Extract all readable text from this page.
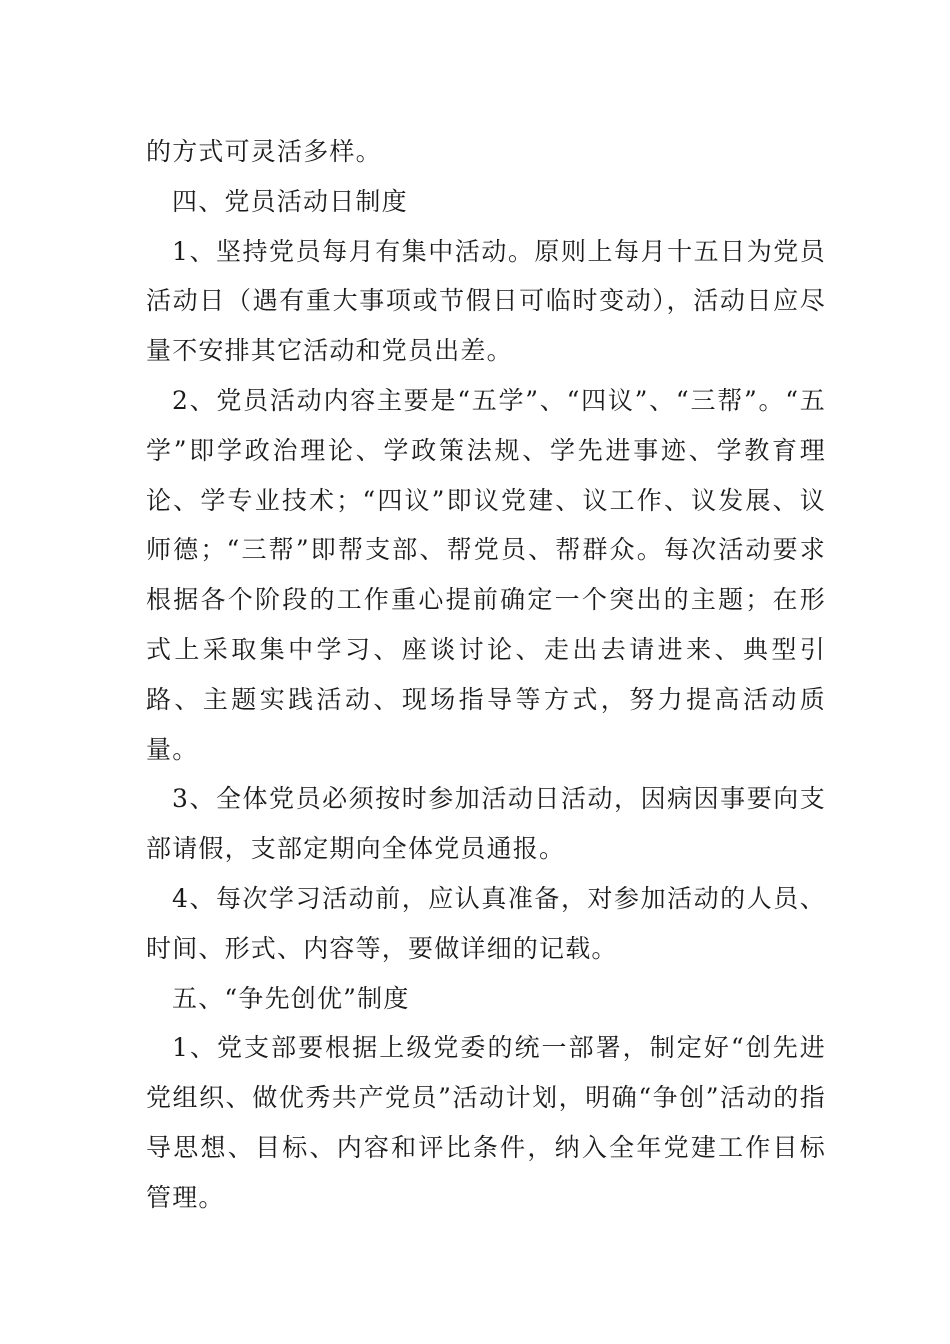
的方式可灵活多样。

四、党员活动日制度

1、坚持党员每月有集中活动。原则上每月十五日为党员活动日（遇有重大事项或节假日可临时变动），活动日应尽量不安排其它活动和党员出差。

2、党员活动内容主要是“五学”、“四议”、“三帮”。“五学”即学政治理论、学政策法规、学先进事迹、学教育理论、学专业技术；“四议”即议党建、议工作、议发展、议师德；“三帮”即帮支部、帮党员、帮群众。每次活动要求根据各个阶段的工作重心提前确定一个突出的主题；在形式上采取集中学习、座谈讨论、走出去请进来、典型引路、主题实践活动、现场指导等方式，努力提高活动质量。

3、全体党员必须按时参加活动日活动，因病因事要向支部请假，支部定期向全体党员通报。

4、每次学习活动前，应认真准备，对参加活动的人员、时间、形式、内容等，要做详细的记载。

五、“争先创优”制度

1、党支部要根据上级党委的统一部署，制定好“创先进党组织、做优秀共产党员”活动计划，明确“争创”活动的指导思想、目标、内容和评比条件，纳入全年党建工作目标管理。
